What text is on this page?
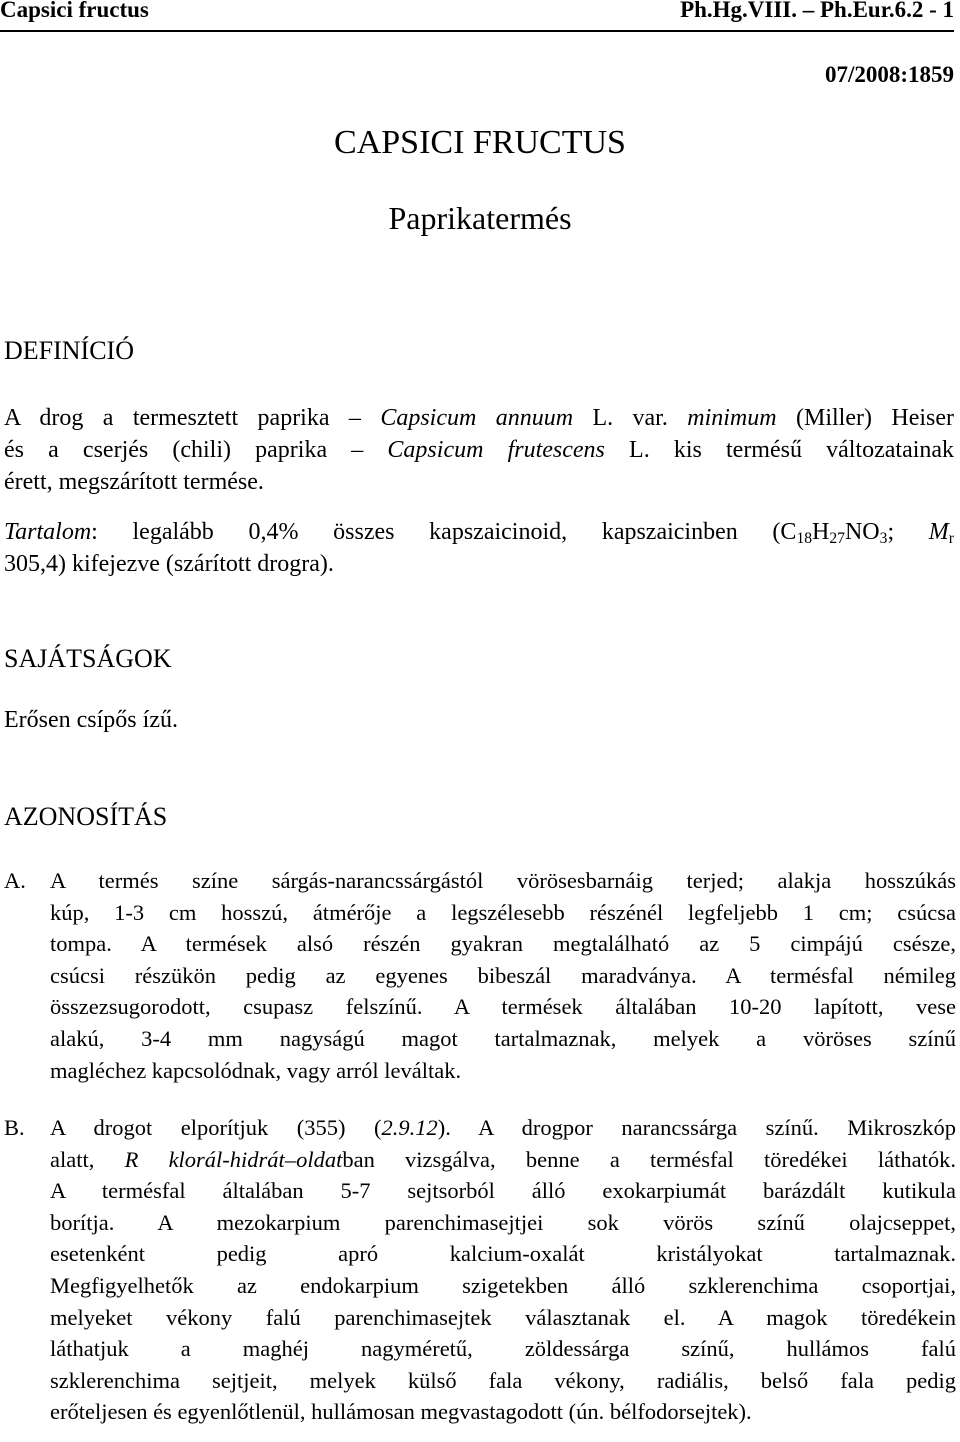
Capsici fructus	Ph.Hg.VIII. – Ph.Eur.6.2 - 1
07/2008:1859
CAPSICI FRUCTUS
Paprikatermés
DEFINÍCIÓ
A drog a termesztett paprika – Capsicum annuum L. var. minimum (Miller) Heiser
és a cserjés (chili) paprika – Capsicum frutescens L. kis termésű változatainak
érett, megszárított termése.
Tartalom: legalább 0,4% összes kapszaicinoid, kapszaicinben ($C_{18}H_{27}NO_3$; $M_r$
305,4) kifejezve (szárított drogra).
SAJÁTSÁGOK
Erősen csípős ízű.
AZONOSÍTÁS
A. A termés színe sárgás-narancssárgástól vörösesbarnáig terjed; alakja hosszúkás
kúp, 1-3 cm hosszú, átmérője a legszélesebb részénél legfeljebb 1 cm; csúcsa
tompa. A termések alsó részén gyakran megtalálható az 5 cimpájú csésze,
csúcsi részükön pedig az egyenes bibeszál maradványa. A termésfal némileg
összezsugorodott, csupasz felszínű. A termések általában 10-20 lapított, vese
alakú, 3-4 mm nagyságú magot tartalmaznak, melyek a vöröses színű
magléchez kapcsolódnak, vagy arról leváltak.
B. A drogot elporítjuk (355) (2.9.12). A drogpor narancssárga színű. Mikroszkóp
alatt, R klorál-hidrát–oldatban vizsgálva, benne a termésfal töredékei láthatók.
A termésfal általában 5-7 sejtsorból álló exokarpiumát barázdált kutikula
borítja. A mezokarpium parenchimasejtjei sok vörös színű olajcseppet,
esetenként pedig apró kalcium-oxalát kristályokat tartalmaznak.
Megfigyelhetők az endokarpium szigetekben álló szklerenchima csoportjai,
melyeket vékony falú parenchimasejtek választanak el. A magok töredékein
láthatjuk a maghéj nagyméretű, zöldessárga színű, hullámos falú
szklerenchima sejtjeit, melyek külső fala vékony, radiális, belső fala pedig
erőteljesen és egyenlőtlenül, hullámosan megvastagodott (ún. bélfodorsejtek).
